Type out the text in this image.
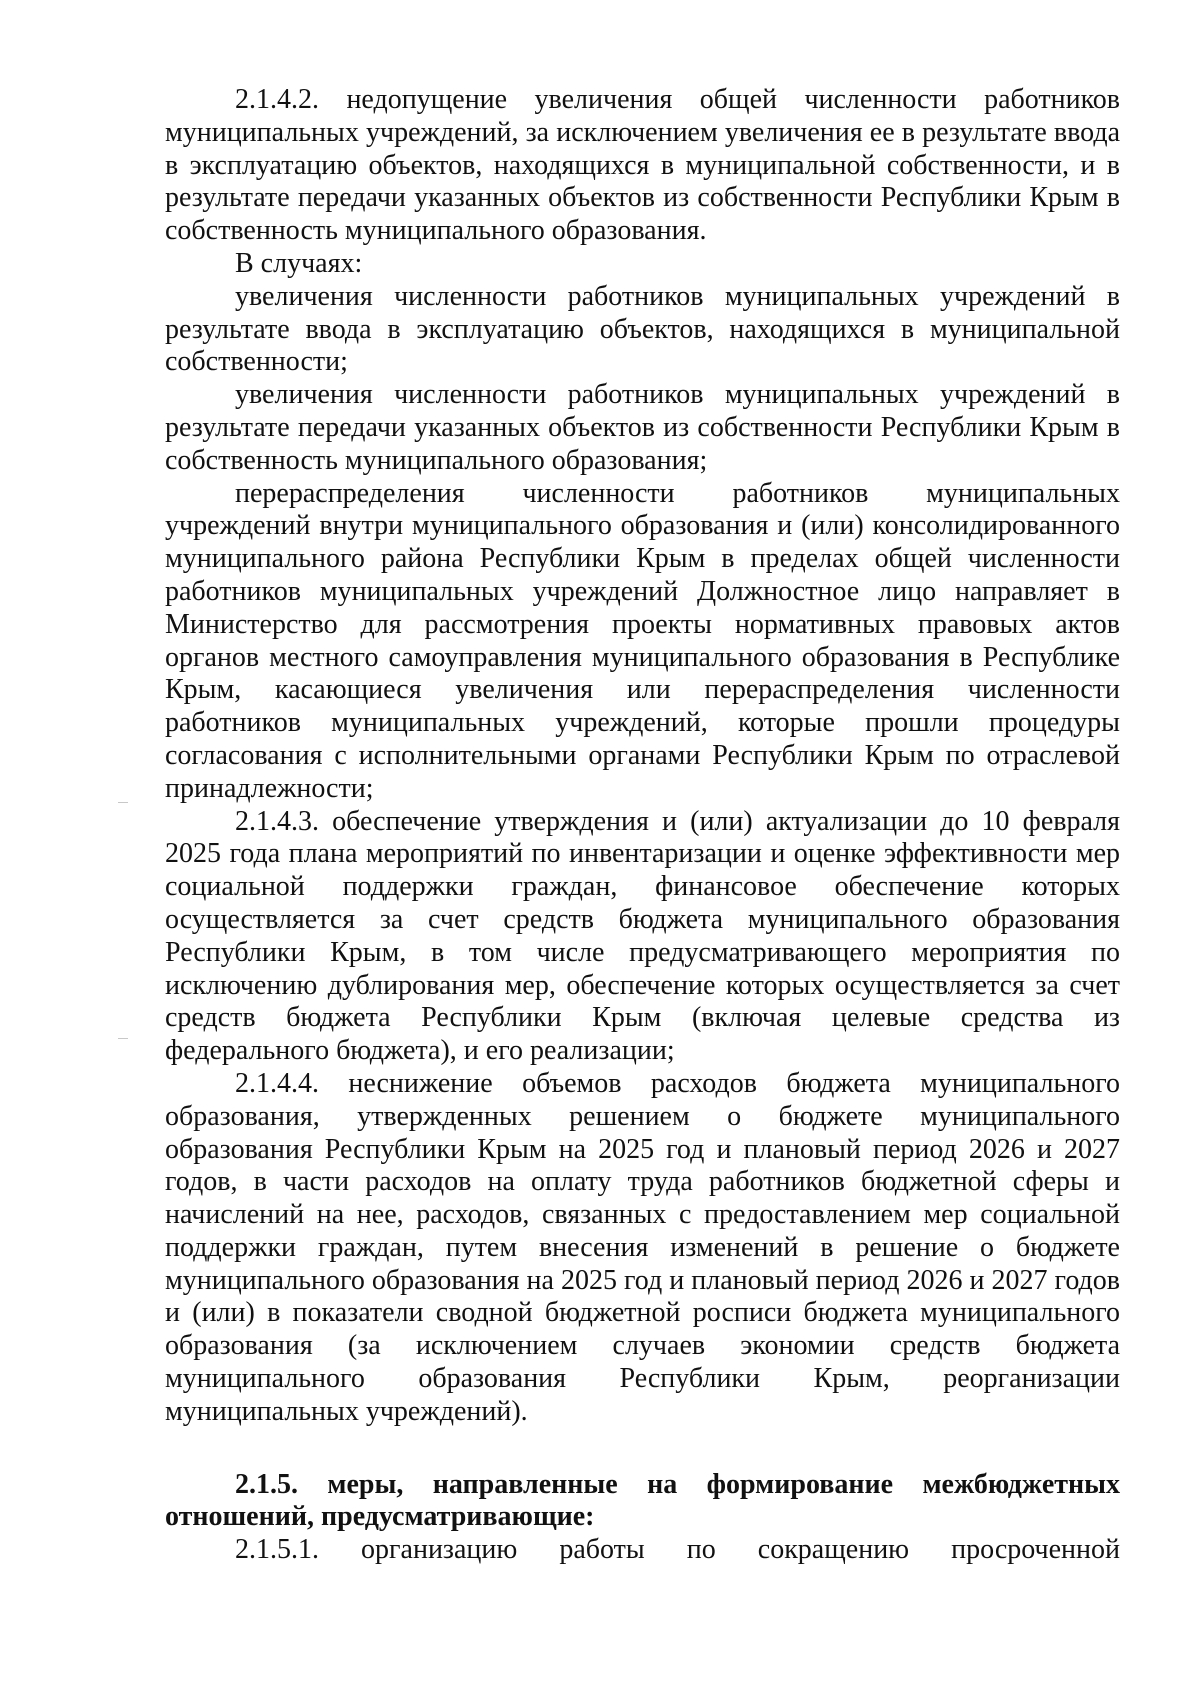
2.1.4.2. недопущение увеличения общей численности работников муниципальных учреждений, за исключением увеличения ее в результате ввода в эксплуатацию объектов, находящихся в муниципальной собственности, и в результате передачи указанных объектов из собственности Республики Крым в собственность муниципального образования.

В случаях:

увеличения численности работников муниципальных учреждений в результате ввода в эксплуатацию объектов, находящихся в муниципальной собственности;

увеличения численности работников муниципальных учреждений в результате передачи указанных объектов из собственности Республики Крым в собственность муниципального образования;

перераспределения численности работников муниципальных учреждений внутри муниципального образования и (или) консолидированного муниципального района Республики Крым в пределах общей численности работников муниципальных учреждений Должностное лицо направляет в Министерство для рассмотрения проекты нормативных правовых актов органов местного самоуправления муниципального образования в Республике Крым, касающиеся увеличения или перераспределения численности работников муниципальных учреждений, которые прошли процедуры согласования с исполнительными органами Республики Крым по отраслевой принадлежности;

2.1.4.3. обеспечение утверждения и (или) актуализации до 10 февраля 2025 года плана мероприятий по инвентаризации и оценке эффективности мер социальной поддержки граждан, финансовое обеспечение которых осуществляется за счет средств бюджета муниципального образования Республики Крым, в том числе предусматривающего мероприятия по исключению дублирования мер, обеспечение которых осуществляется за счет средств бюджета Республики Крым (включая целевые средства из федерального бюджета), и его реализации;

2.1.4.4. неснижение объемов расходов бюджета муниципального образования, утвержденных решением о бюджете муниципального образования Республики Крым на 2025 год и плановый период 2026 и 2027 годов, в части расходов на оплату труда работников бюджетной сферы и начислений на нее, расходов, связанных с предоставлением мер социальной поддержки граждан, путем внесения изменений в решение о бюджете муниципального образования на 2025 год и плановый период 2026 и 2027 годов и (или) в показатели сводной бюджетной росписи бюджета муниципального образования (за исключением случаев экономии средств бюджета муниципального образования Республики Крым, реорганизации муниципальных учреждений).

2.1.5. меры, направленные на формирование межбюджетных отношений, предусматривающие:

2.1.5.1. организацию работы по сокращению просроченной
